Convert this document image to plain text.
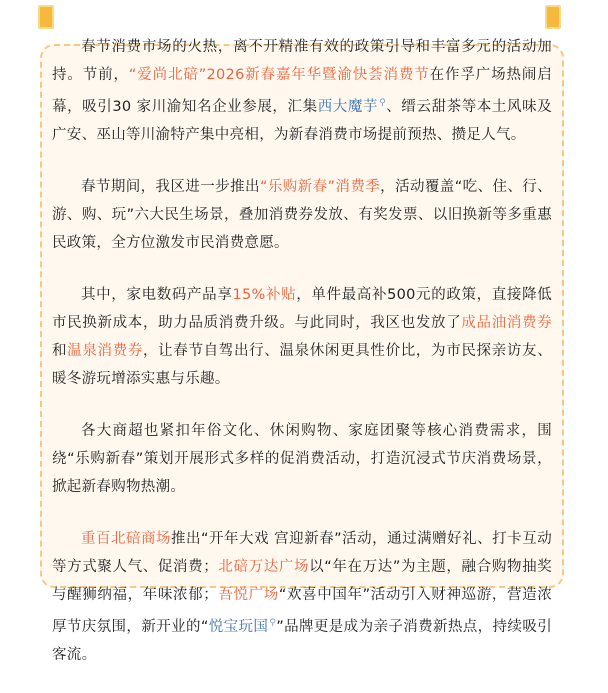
春节消费市场的火热，离不开精准有效的政策引导和丰富多元的活动加持。节前，“爱尚北碚”2026新春嘉年华暨渝快荟消费节在作孚广场热闹启幕，吸引30 家川渝知名企业参展，汇集西大魔芋⚲、缙云甜茶等本土风味及广安、巫山等川渝特产集中亮相，为新春消费市场提前预热、攒足人气。

春节期间，我区进一步推出“乐购新春”消费季，活动覆盖“吃、住、行、游、购、玩”六大民生场景，叠加消费券发放、有奖发票、以旧换新等多重惠民政策，全方位激发市民消费意愿。

其中，家电数码产品享15%补贴，单件最高补500元的政策，直接降低市民换新成本，助力品质消费升级。与此同时，我区也发放了成品油消费券和温泉消费券，让春节自驾出行、温泉休闲更具性价比，为市民探亲访友、暖冬游玩增添实惠与乐趣。

各大商超也紧扣年俗文化、休闲购物、家庭团聚等核心消费需求，围绕“乐购新春”策划开展形式多样的促消费活动，打造沉浸式节庆消费场景，掀起新春购物热潮。

重百北碚商场推出“开年大戏 宫迎新春”活动，通过满赠好礼、打卡互动等方式聚人气、促消费；北碚万达广场以“年在万达”为主题，融合购物抽奖与醒狮纳福，年味浓郁；吾悦广场“欢喜中国年”活动引入财神巡游，营造浓厚节庆氛围，新开业的“悦宝玩国⚲”品牌更是成为亲子消费新热点，持续吸引客流。
